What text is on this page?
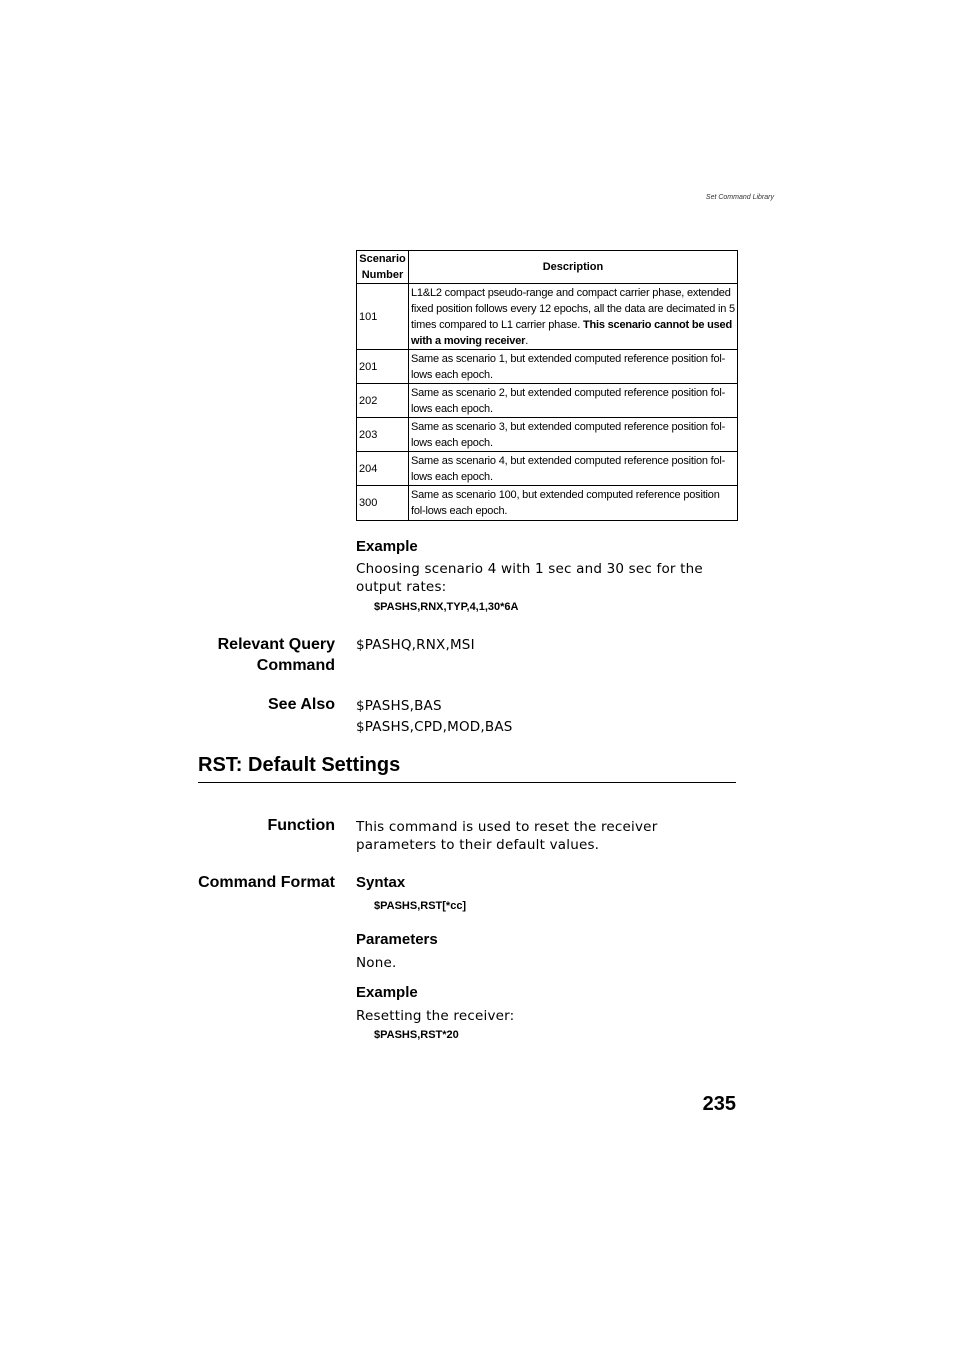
Set Command Library
Scenario Number	Description
101	L1&L2 compact pseudo-range and compact carrier phase, extended fixed position follows every 12 epochs, all the data are decimated in 5 times compared to L1 carrier phase. This scenario cannot be used with a moving receiver.
201	Same as scenario 1, but extended computed reference position fol-lows each epoch.
202	Same as scenario 2, but extended computed reference position fol-lows each epoch.
203	Same as scenario 3, but extended computed reference position fol-lows each epoch.
204	Same as scenario 4, but extended computed reference position fol-lows each epoch.
300	Same as scenario 100, but extended computed reference position fol-lows each epoch.
Example
Choosing scenario 4 with 1 sec and 30 sec for the output rates:
$PASHS,RNX,TYP,4,1,30*6A
Relevant Query
Command
$PASHQ,RNX,MSI
See Also $PASHS,BAS
$PASHS,CPD,MOD,BAS
RST: Default Settings
Function This command is used to reset the receiver parameters to their default values.
Command Format Syntax
$PASHS,RST[*cc]
Parameters
None.
Example
Resetting the receiver:
$PASHS,RST*20
235
